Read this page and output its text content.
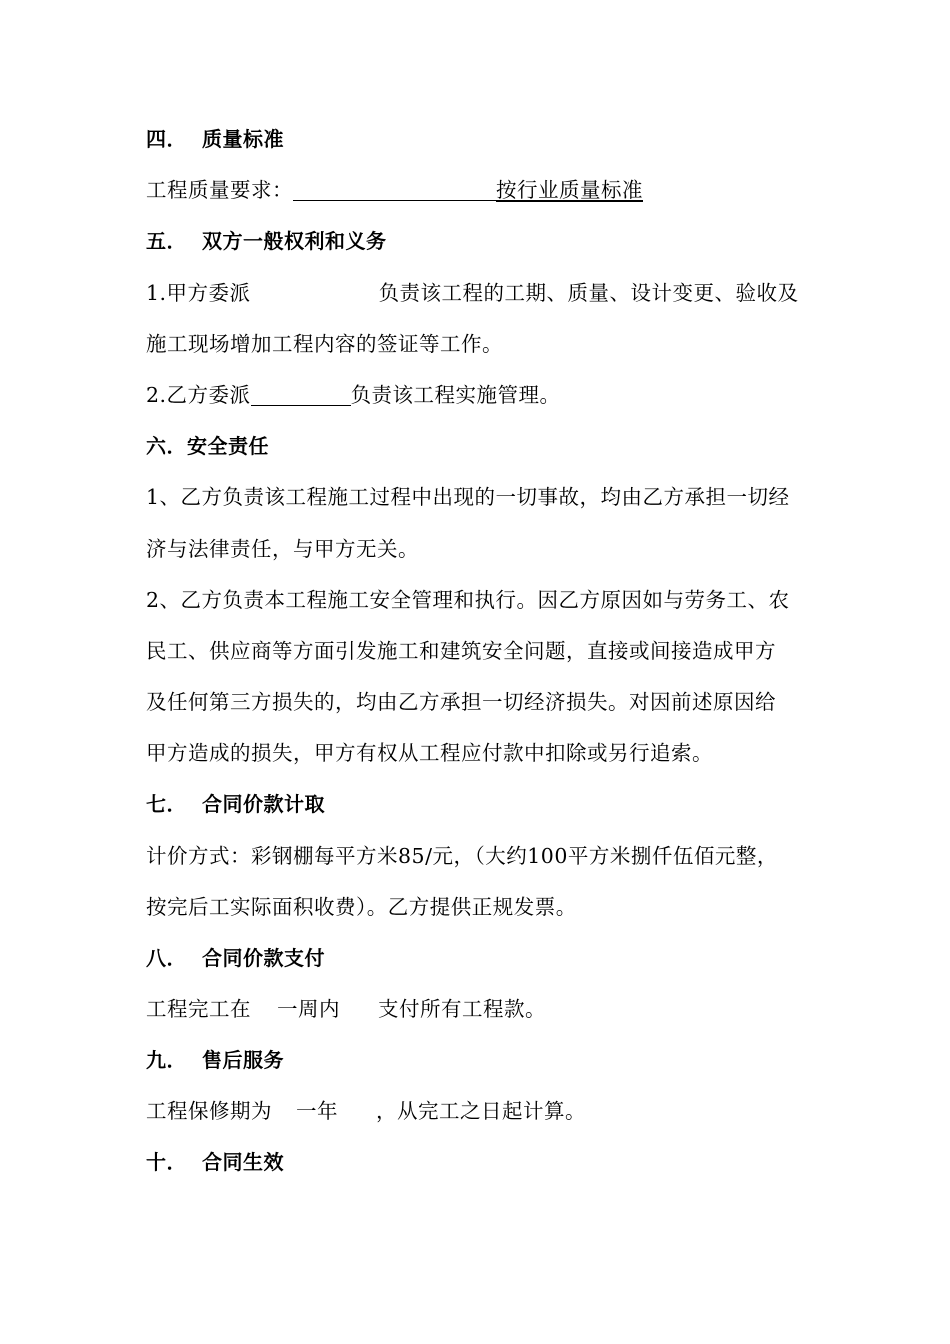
四． 质量标准
工程质量要求：	按行业质量标准
五． 双方一般权利和义务
1.甲方委派	负责该工程的工期、质量、设计变更、验收及
施工现场增加工程内容的签证等工作。
2.乙方委派	负责该工程实施管理。
六．安全责任
1、乙方负责该工程施工过程中出现的一切事故，均由乙方承担一切经
济与法律责任，与甲方无关。
2、乙方负责本工程施工安全管理和执行。因乙方原因如与劳务工、农
民工、供应商等方面引发施工和建筑安全问题，直接或间接造成甲方
及任何第三方损失的，均由乙方承担一切经济损失。对因前述原因给
甲方造成的损失，甲方有权从工程应付款中扣除或另行追索。
七． 合同价款计取
计价方式：彩钢棚每平方米85/元，（大约100平方米捌仟伍佰元整，
按完后工实际面积收费）。乙方提供正规发票。
八． 合同价款支付
工程完工在 一周内 支付所有工程款。
九． 售后服务
工程保修期为 一年 ，从完工之日起计算。
十． 合同生效
